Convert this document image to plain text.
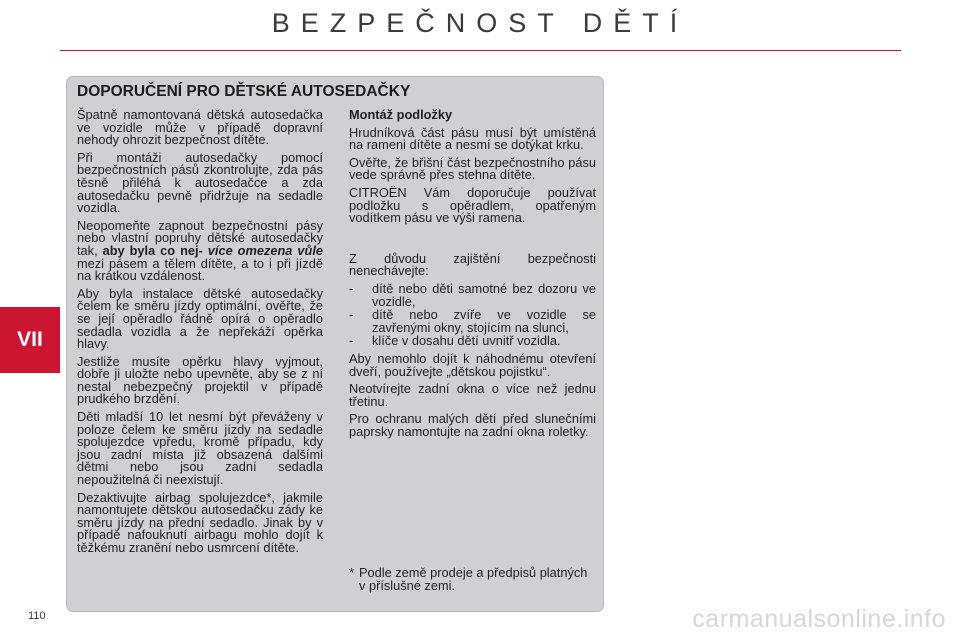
BEZPEČNOST DĚTÍ
VII
DOPORUČENÍ PRO DĚTSKÉ AUTOSEDAČKY

Špatně namontovaná dětská autosedačka ve vozidle může v případě dopravní nehody ohrozit bezpečnost dítěte.

Při montáži autosedačky pomocí bezpečnostních pásů zkontrolujte, zda pás těsně přiléhá k autosedačce a zda autosedačku pevně přidržuje na sedadle vozidla.

Neopomeňte zapnout bezpečnostní pásy nebo vlastní popruhy dětské autosedačky tak, aby byla co nej- více omezena vůle mezi pásem a tělem dítěte, a to i při jízdě na krátkou vzdálenost.

Aby byla instalace dětské autosedačky čelem ke směru jízdy optimální, ověřte, že se její opěradlo řádně opírá o opěradlo sedadla vozidla a že nepřekáží opěrka hlavy.

Jestliže musíte opěrku hlavy vyjmout, dobře ji uložte nebo upevněte, aby se z ní nestal nebezpečný projektil v případě prudkého brzdění.

Děti mladší 10 let nesmí být převáženy v poloze čelem ke směru jízdy na sedadle spolujezdce vpředu, kromě případu, kdy jsou zadní místa již obsazená dalšími dětmi nebo jsou zadní sedadla nepoužitelná či neexistují.

Dezaktivujte airbag spolujezdce*, jakmile namontujete dětskou autosedačku zády ke směru jízdy na přední sedadlo. Jinak by v případě nafouknutí airbagu mohlo dojít k těžkému zranění nebo usmrcení dítěte.

Montáž podložky

Hrudníková část pásu musí být umístěná na rameni dítěte a nesmí se dotýkat krku.

Ověřte, že břišní část bezpečnostního pásu vede správně přes stehna dítěte.

CITROËN Vám doporučuje používat podložku s opěradlem, opatřeným vodítkem pásu ve výši ramena.

Z důvodu zajištění bezpečnosti nenechávejte:

-	dítě nebo děti samotné bez dozoru ve vozidle,
-	dítě nebo zvíře ve vozidle se zavřenými okny, stojícím na slunci,
-	klíče v dosahu dětí uvnitř vozidla.

Aby nemohlo dojít k náhodnému otevření dveří, používejte „dětskou pojistku“.

Neotvírejte zadní okna o více než jednu třetinu.

Pro ochranu malých dětí před slunečními paprsky namontujte na zadní okna roletky.

* Podle země prodeje a předpisů platných v příslušné zemi.
110	carmanualsonline.info
